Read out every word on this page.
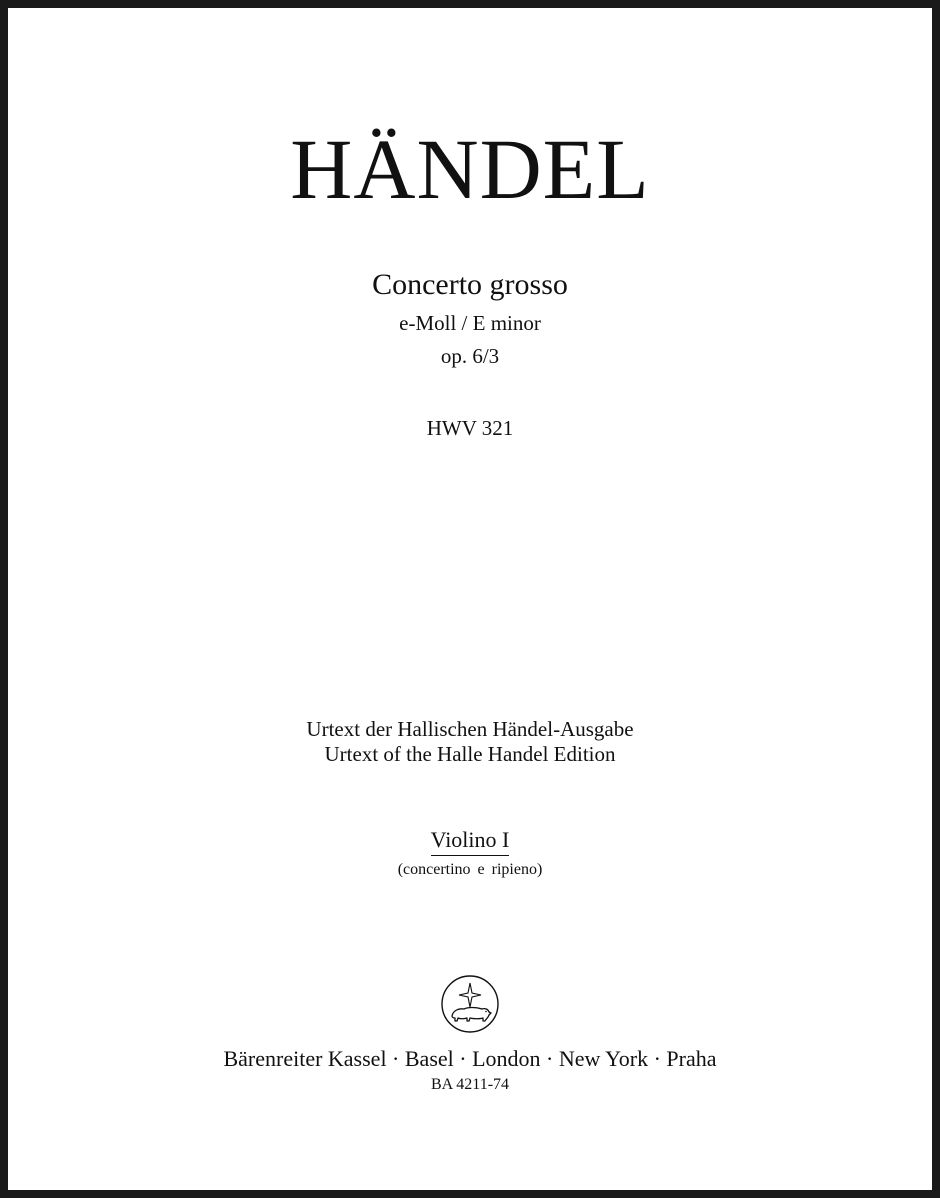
HÄNDEL
Concerto grosso
e-Moll / E minor
op. 6/3
HWV 321
Urtext der Hallischen Händel-Ausgabe
Urtext of the Halle Handel Edition
Violino I
(concertino e ripieno)
Bärenreiter Kassel · Basel · London · New York · Praha
BA 4211-74
